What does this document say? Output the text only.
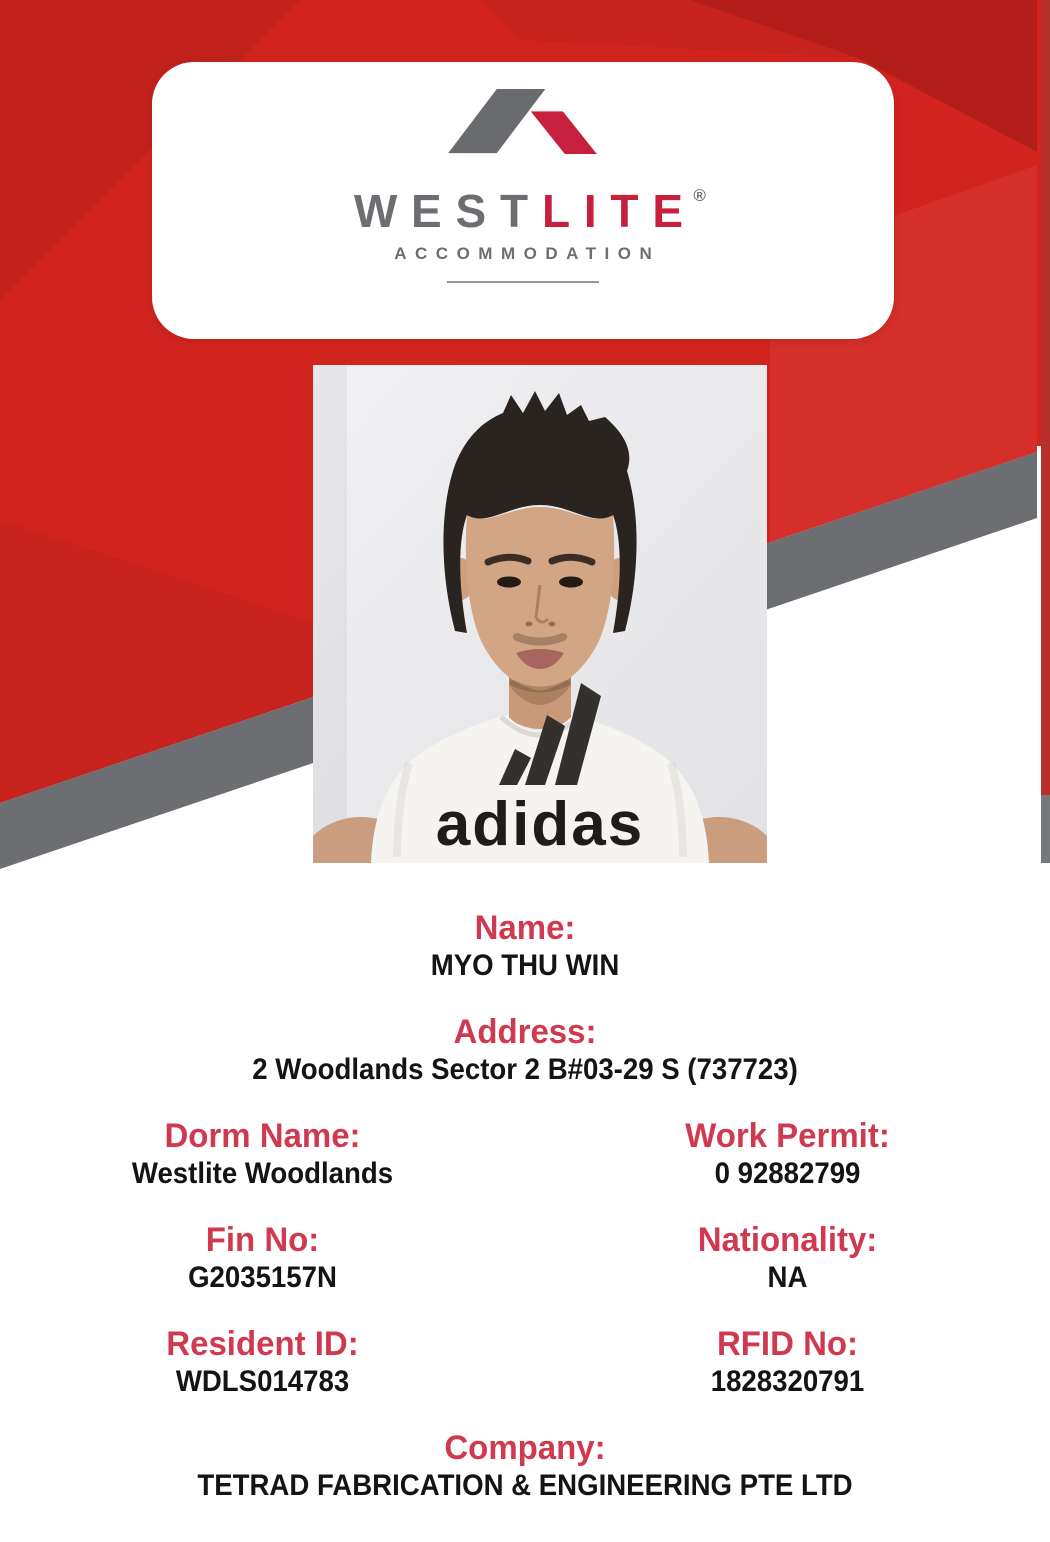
WESTLITE®
ACCOMMODATION
adidas
Name:
MYO THU WIN
Address:
2 Woodlands Sector 2 B#03-29 S (737723)
Dorm Name:
Westlite Woodlands
Work Permit:
0 92882799
Fin No:
G2035157N
Nationality:
NA
Resident ID:
WDLS014783
RFID No:
1828320791
Company:
TETRAD FABRICATION & ENGINEERING PTE LTD
